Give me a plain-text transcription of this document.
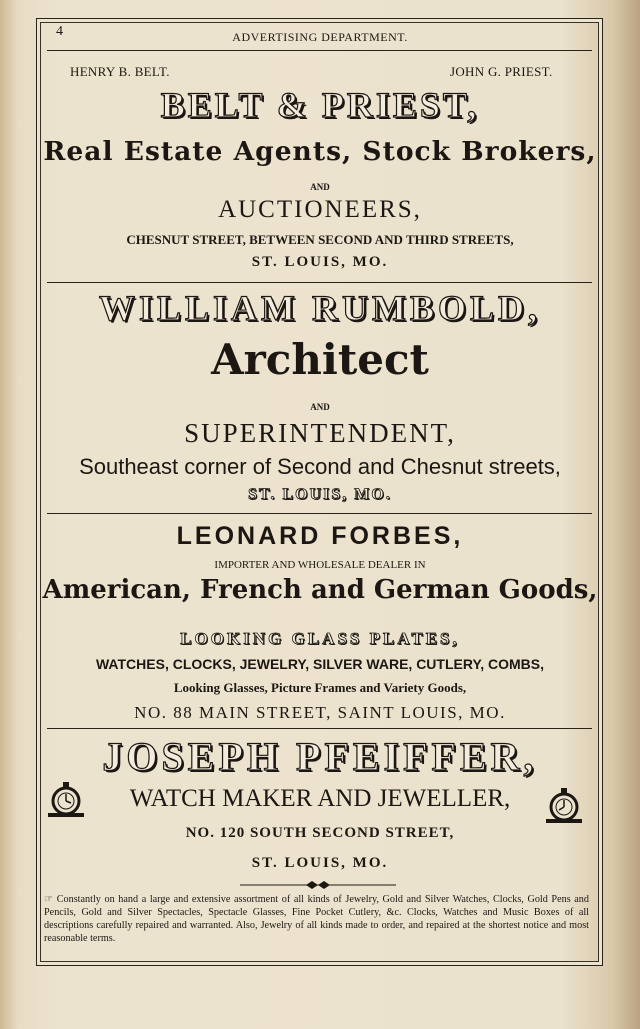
4	ADVERTISING DEPARTMENT.
HENRY B. BELT.	JOHN G. PRIEST.
BELT & PRIEST,
Real Estate Agents, Stock Brokers,
AND
AUCTIONEERS,
CHESNUT STREET, BETWEEN SECOND AND THIRD STREETS,
ST. LOUIS, MO.
WILLIAM RUMBOLD,
Architect
AND
SUPERINTENDENT,
Southeast corner of Second and Chesnut streets,
ST. LOUIS, MO.
LEONARD FORBES,
IMPORTER AND WHOLESALE DEALER IN
American, French and German Goods,
LOOKING GLASS PLATES,
WATCHES, CLOCKS, JEWELRY, SILVER WARE, CUTLERY, COMBS,
Looking Glasses, Picture Frames and Variety Goods,
NO. 88 MAIN STREET, SAINT LOUIS, MO.
JOSEPH PFEIFFER,
WATCH MAKER AND JEWELLER,
NO. 120 SOUTH SECOND STREET,
ST. LOUIS, MO.
☞ Constantly on hand a large and extensive assortment of all kinds of Jewelry, Gold and Silver Watches, Clocks, Gold Pens and Pencils, Gold and Silver Spectacles, Spectacle Glasses, Fine Pocket Cutlery, &c. Clocks, Watches and Music Boxes of all descriptions carefully repaired and warranted. Also, Jewelry of all kinds made to order, and repaired at the shortest notice and most reasonable terms.
